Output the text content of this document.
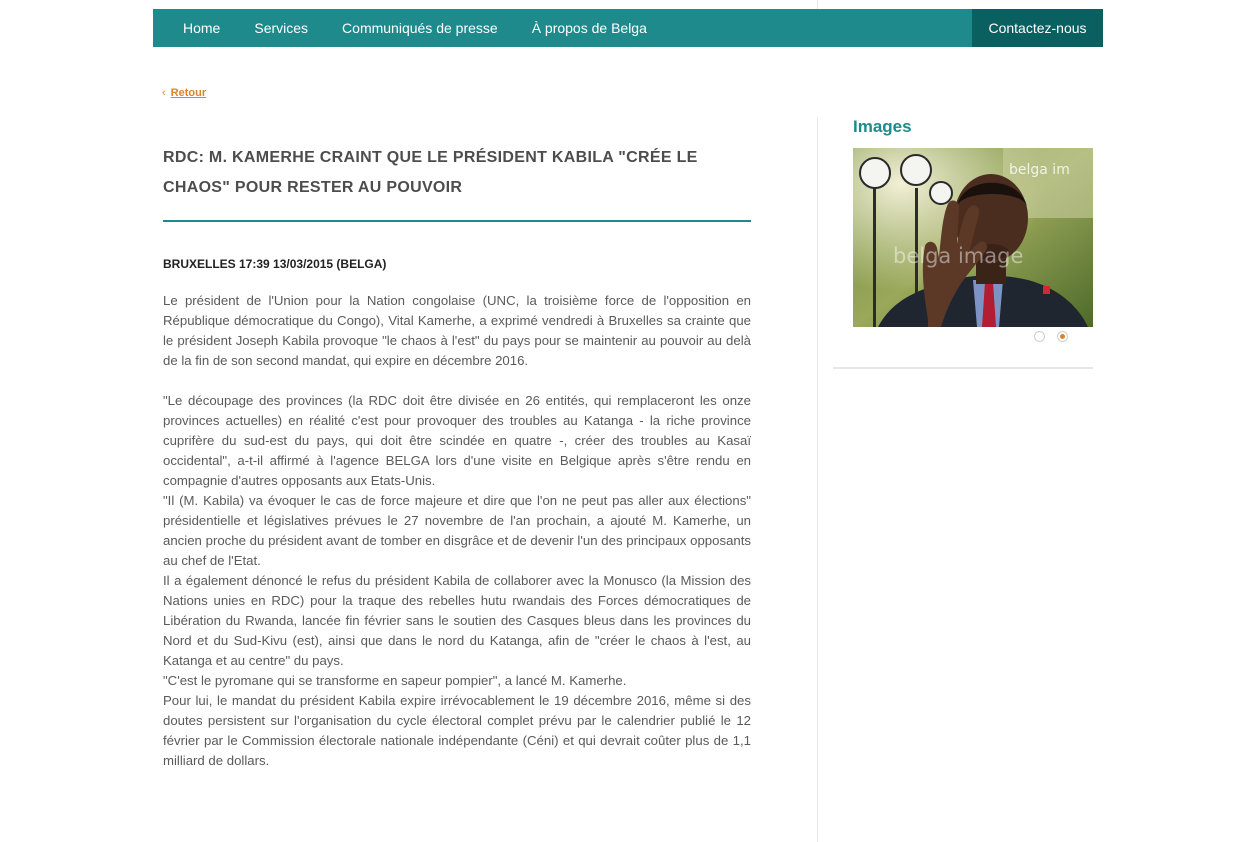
Home	Services	Communiqués de presse	À propos de Belga	Contactez-nous
‹ Retour
RDC: M. KAMERHE CRAINT QUE LE PRÉSIDENT KABILA "CRÉE LE CHAOS" POUR RESTER AU POUVOIR
BRUXELLES 17:39 13/03/2015 (BELGA)

Le président de l'Union pour la Nation congolaise (UNC, la troisième force de l'opposition en République démocratique du Congo), Vital Kamerhe, a exprimé vendredi à Bruxelles sa crainte que le président Joseph Kabila provoque "le chaos à l'est" du pays pour se maintenir au pouvoir au delà de la fin de son second mandat, qui expire en décembre 2016.

"Le découpage des provinces (la RDC doit être divisée en 26 entités, qui remplaceront les onze provinces actuelles) en réalité c'est pour provoquer des troubles au Katanga - la riche province cuprifère du sud-est du pays, qui doit être scindée en quatre -, créer des troubles au Kasaï occidental", a-t-il affirmé à l'agence BELGA lors d'une visite en Belgique après s'être rendu en compagnie d'autres opposants aux Etats-Unis.

"Il (M. Kabila) va évoquer le cas de force majeure et dire que l'on ne peut pas aller aux élections" présidentielle et législatives prévues le 27 novembre de l'an prochain, a ajouté M. Kamerhe, un ancien proche du président avant de tomber en disgrâce et de devenir l'un des principaux opposants au chef de l'Etat.

Il a également dénoncé le refus du président Kabila de collaborer avec la Monusco (la Mission des Nations unies en RDC) pour la traque des rebelles hutu rwandais des Forces démocratiques de Libération du Rwanda, lancée fin février sans le soutien des Casques bleus dans les provinces du Nord et du Sud-Kivu (est), ainsi que dans le nord du Katanga, afin de "créer le chaos à l'est, au Katanga et au centre" du pays.

"C'est le pyromane qui se transforme en sapeur pompier", a lancé M. Kamerhe.

Pour lui, le mandat du président Kabila expire irrévocablement le 19 décembre 2016, même si des doutes persistent sur l'organisation du cycle électoral complet prévu par le calendrier publié le 12 février par le Commission électorale nationale indépendante (Céni) et qui devrait coûter plus de 1,1 milliard de dollars.

Images
belga im
belga image
